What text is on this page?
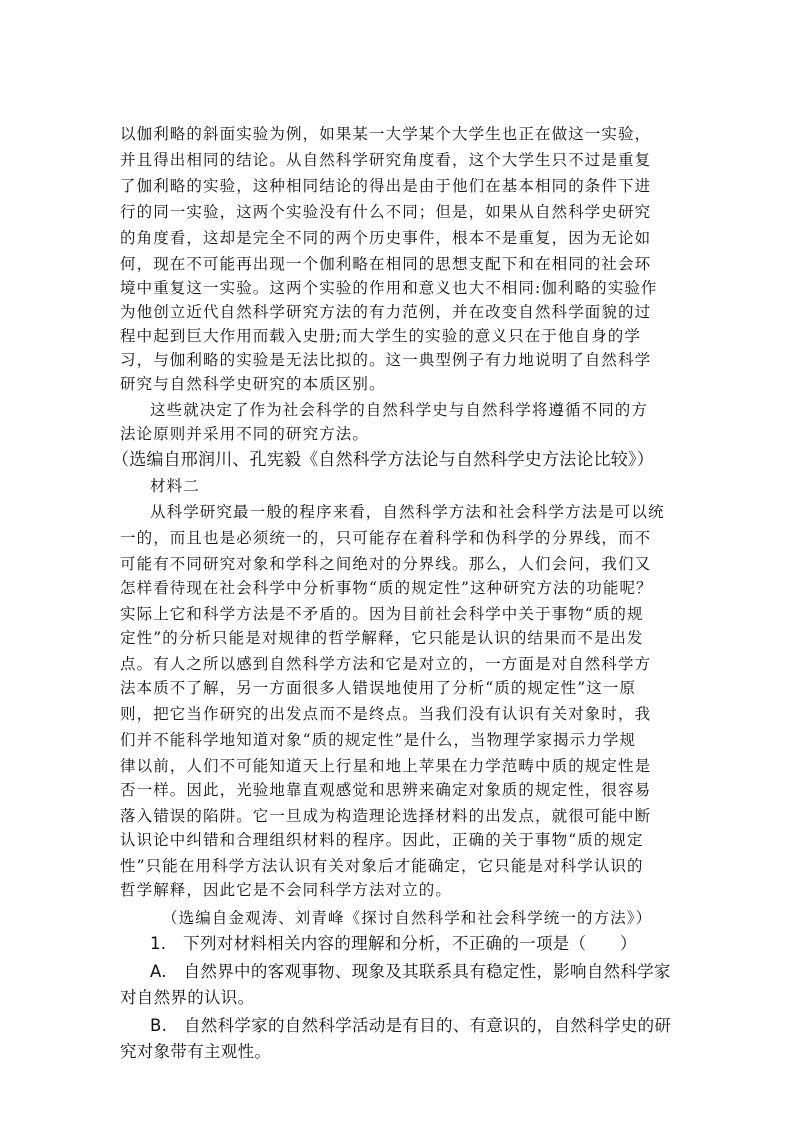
以伽利略的斜面实验为例，如果某一大学某个大学生也正在做这一实验，
并且得出相同的结论。从自然科学研究角度看，这个大学生只不过是重复
了伽利略的实验，这种相同结论的得出是由于他们在基本相同的条件下进
行的同一实验，这两个实验没有什么不同；但是，如果从自然科学史研究
的角度看，这却是完全不同的两个历史事件，根本不是重复，因为无论如
何，现在不可能再出现一个伽利略在相同的思想支配下和在相同的社会环
境中重复这一实验。这两个实验的作用和意义也大不相同:伽利略的实验作
为他创立近代自然科学研究方法的有力范例，并在改变自然科学面貌的过
程中起到巨大作用而载入史册;而大学生的实验的意义只在于他自身的学
习，与伽利略的实验是无法比拟的。这一典型例子有力地说明了自然科学
研究与自然科学史研究的本质区别。
这些就决定了作为社会科学的自然科学史与自然科学将遵循不同的方
法论原则并采用不同的研究方法。
（选编自邢润川、孔宪毅《自然科学方法论与自然科学史方法论比较》）
材料二
从科学研究最一般的程序来看，自然科学方法和社会科学方法是可以统
一的，而且也是必须统一的，只可能存在着科学和伪科学的分界线，而不
可能有不同研究对象和学科之间绝对的分界线。那么，人们会问，我们又
怎样看待现在社会科学中分析事物“质的规定性”这种研究方法的功能呢？
实际上它和科学方法是不矛盾的。因为目前社会科学中关于事物“质的规
定性”的分析只能是对规律的哲学解释，它只能是认识的结果而不是出发
点。有人之所以感到自然科学方法和它是对立的，一方面是对自然科学方
法本质不了解，另一方面很多人错误地使用了分析“质的规定性”这一原
则，把它当作研究的出发点而不是终点。当我们没有认识有关对象时，我
们并不能科学地知道对象“质的规定性”是什么，当物理学家揭示力学规
律以前，人们不可能知道天上行星和地上苹果在力学范畴中质的规定性是
否一样。因此，光验地靠直观感觉和思辨来确定对象质的规定性，很容易
落入错误的陷阱。它一旦成为构造理论选择材料的出发点，就很可能中断
认识论中纠错和合理组织材料的程序。因此，正确的关于事物“质的规定
性”只能在用科学方法认识有关对象后才能确定，它只能是对科学认识的
哲学解释，因此它是不会同科学方法对立的。
（选编自金观涛、刘青峰《探讨自然科学和社会科学统一的方法》）
1.　下列对材料相关内容的理解和分析，不正确的一项是（　　）
A.　自然界中的客观事物、现象及其联系具有稳定性，影响自然科学家
对自然界的认识。
B.　自然科学家的自然科学活动是有目的、有意识的，自然科学史的研
究对象带有主观性。
